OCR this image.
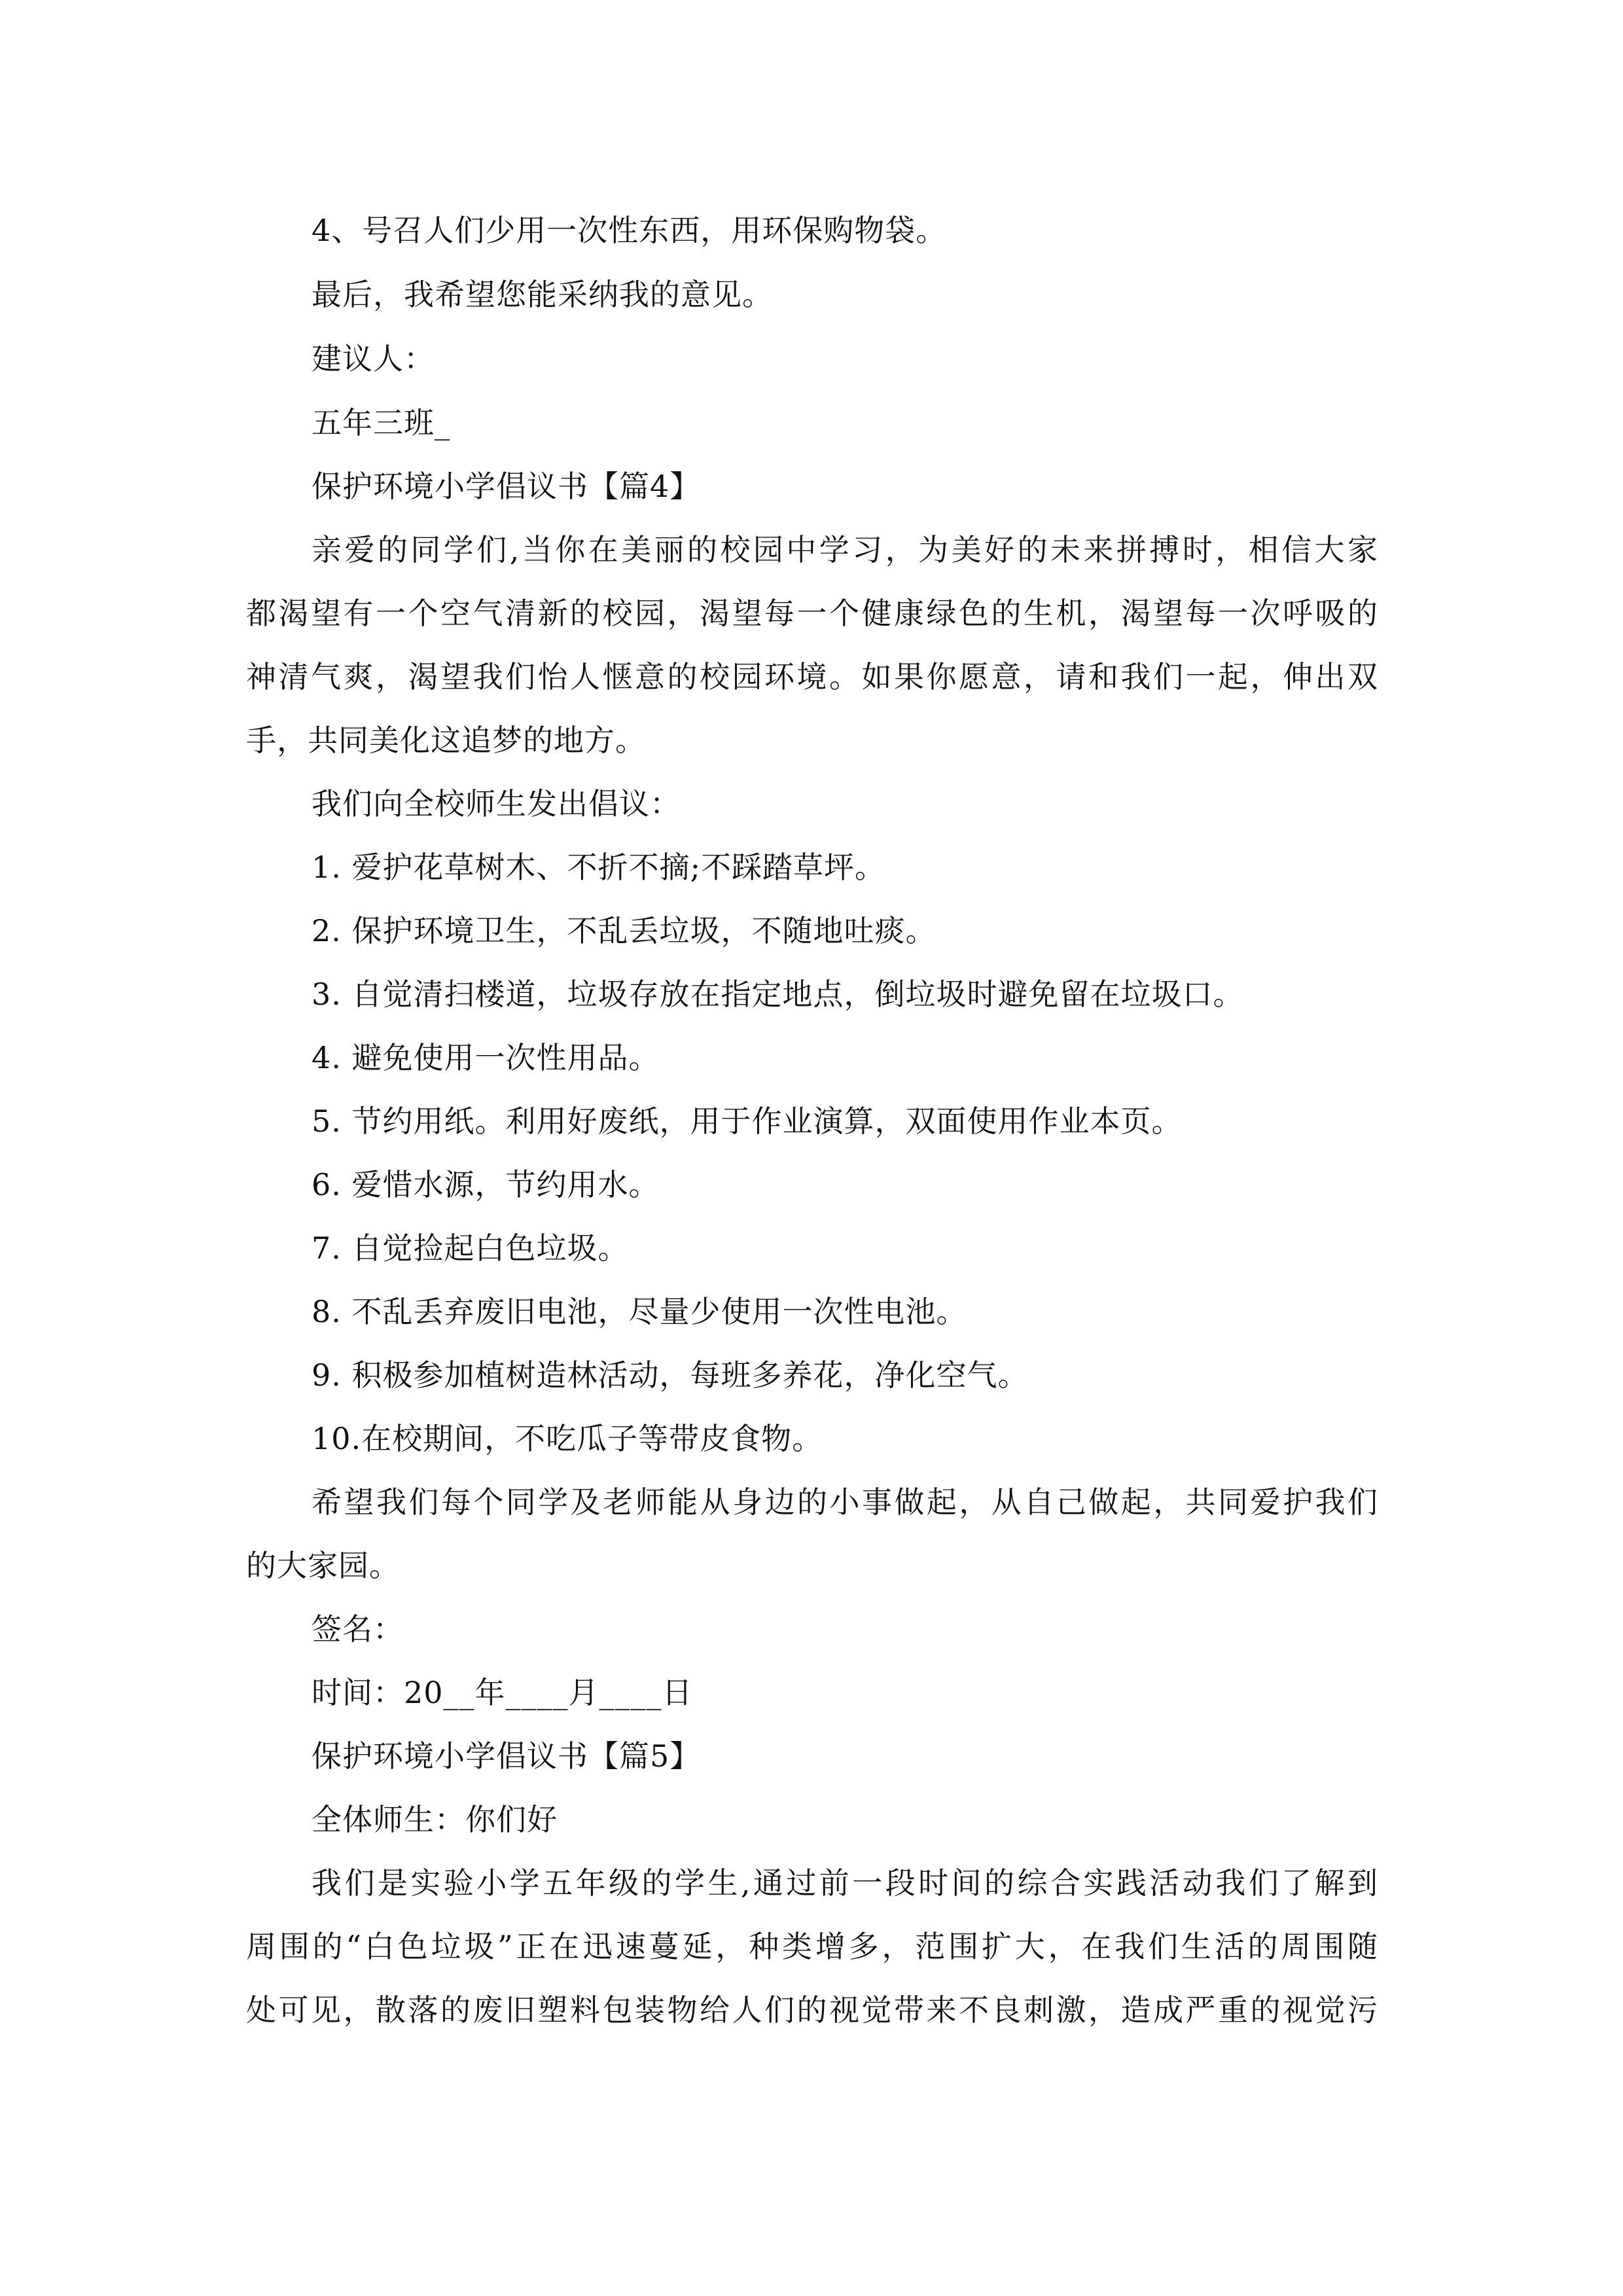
4、号召人们少用一次性东西，用环保购物袋。
最后，我希望您能采纳我的意见。
建议人：
五年三班_
保护环境小学倡议书【篇4】
亲爱的同学们,当你在美丽的校园中学习，为美好的未来拼搏时，相信大家
都渴望有一个空气清新的校园，渴望每一个健康绿色的生机，渴望每一次呼吸的
神清气爽，渴望我们怡人惬意的校园环境。如果你愿意，请和我们一起，伸出双
手，共同美化这追梦的地方。
我们向全校师生发出倡议：
1. 爱护花草树木、不折不摘;不踩踏草坪。
2. 保护环境卫生，不乱丢垃圾，不随地吐痰。
3. 自觉清扫楼道，垃圾存放在指定地点，倒垃圾时避免留在垃圾口。
4. 避免使用一次性用品。
5. 节约用纸。利用好废纸，用于作业演算，双面使用作业本页。
6. 爱惜水源，节约用水。
7. 自觉捡起白色垃圾。
8. 不乱丢弃废旧电池，尽量少使用一次性电池。
9. 积极参加植树造林活动，每班多养花，净化空气。
10.在校期间，不吃瓜子等带皮食物。
希望我们每个同学及老师能从身边的小事做起，从自己做起，共同爱护我们
的大家园。
签名：
时间：20__年____月____日
保护环境小学倡议书【篇5】
全体师生：你们好
我们是实验小学五年级的学生,通过前一段时间的综合实践活动我们了解到
周围的“白色垃圾”正在迅速蔓延，种类增多，范围扩大，在我们生活的周围随
处可见，散落的废旧塑料包装物给人们的视觉带来不良刺激，造成严重的视觉污
